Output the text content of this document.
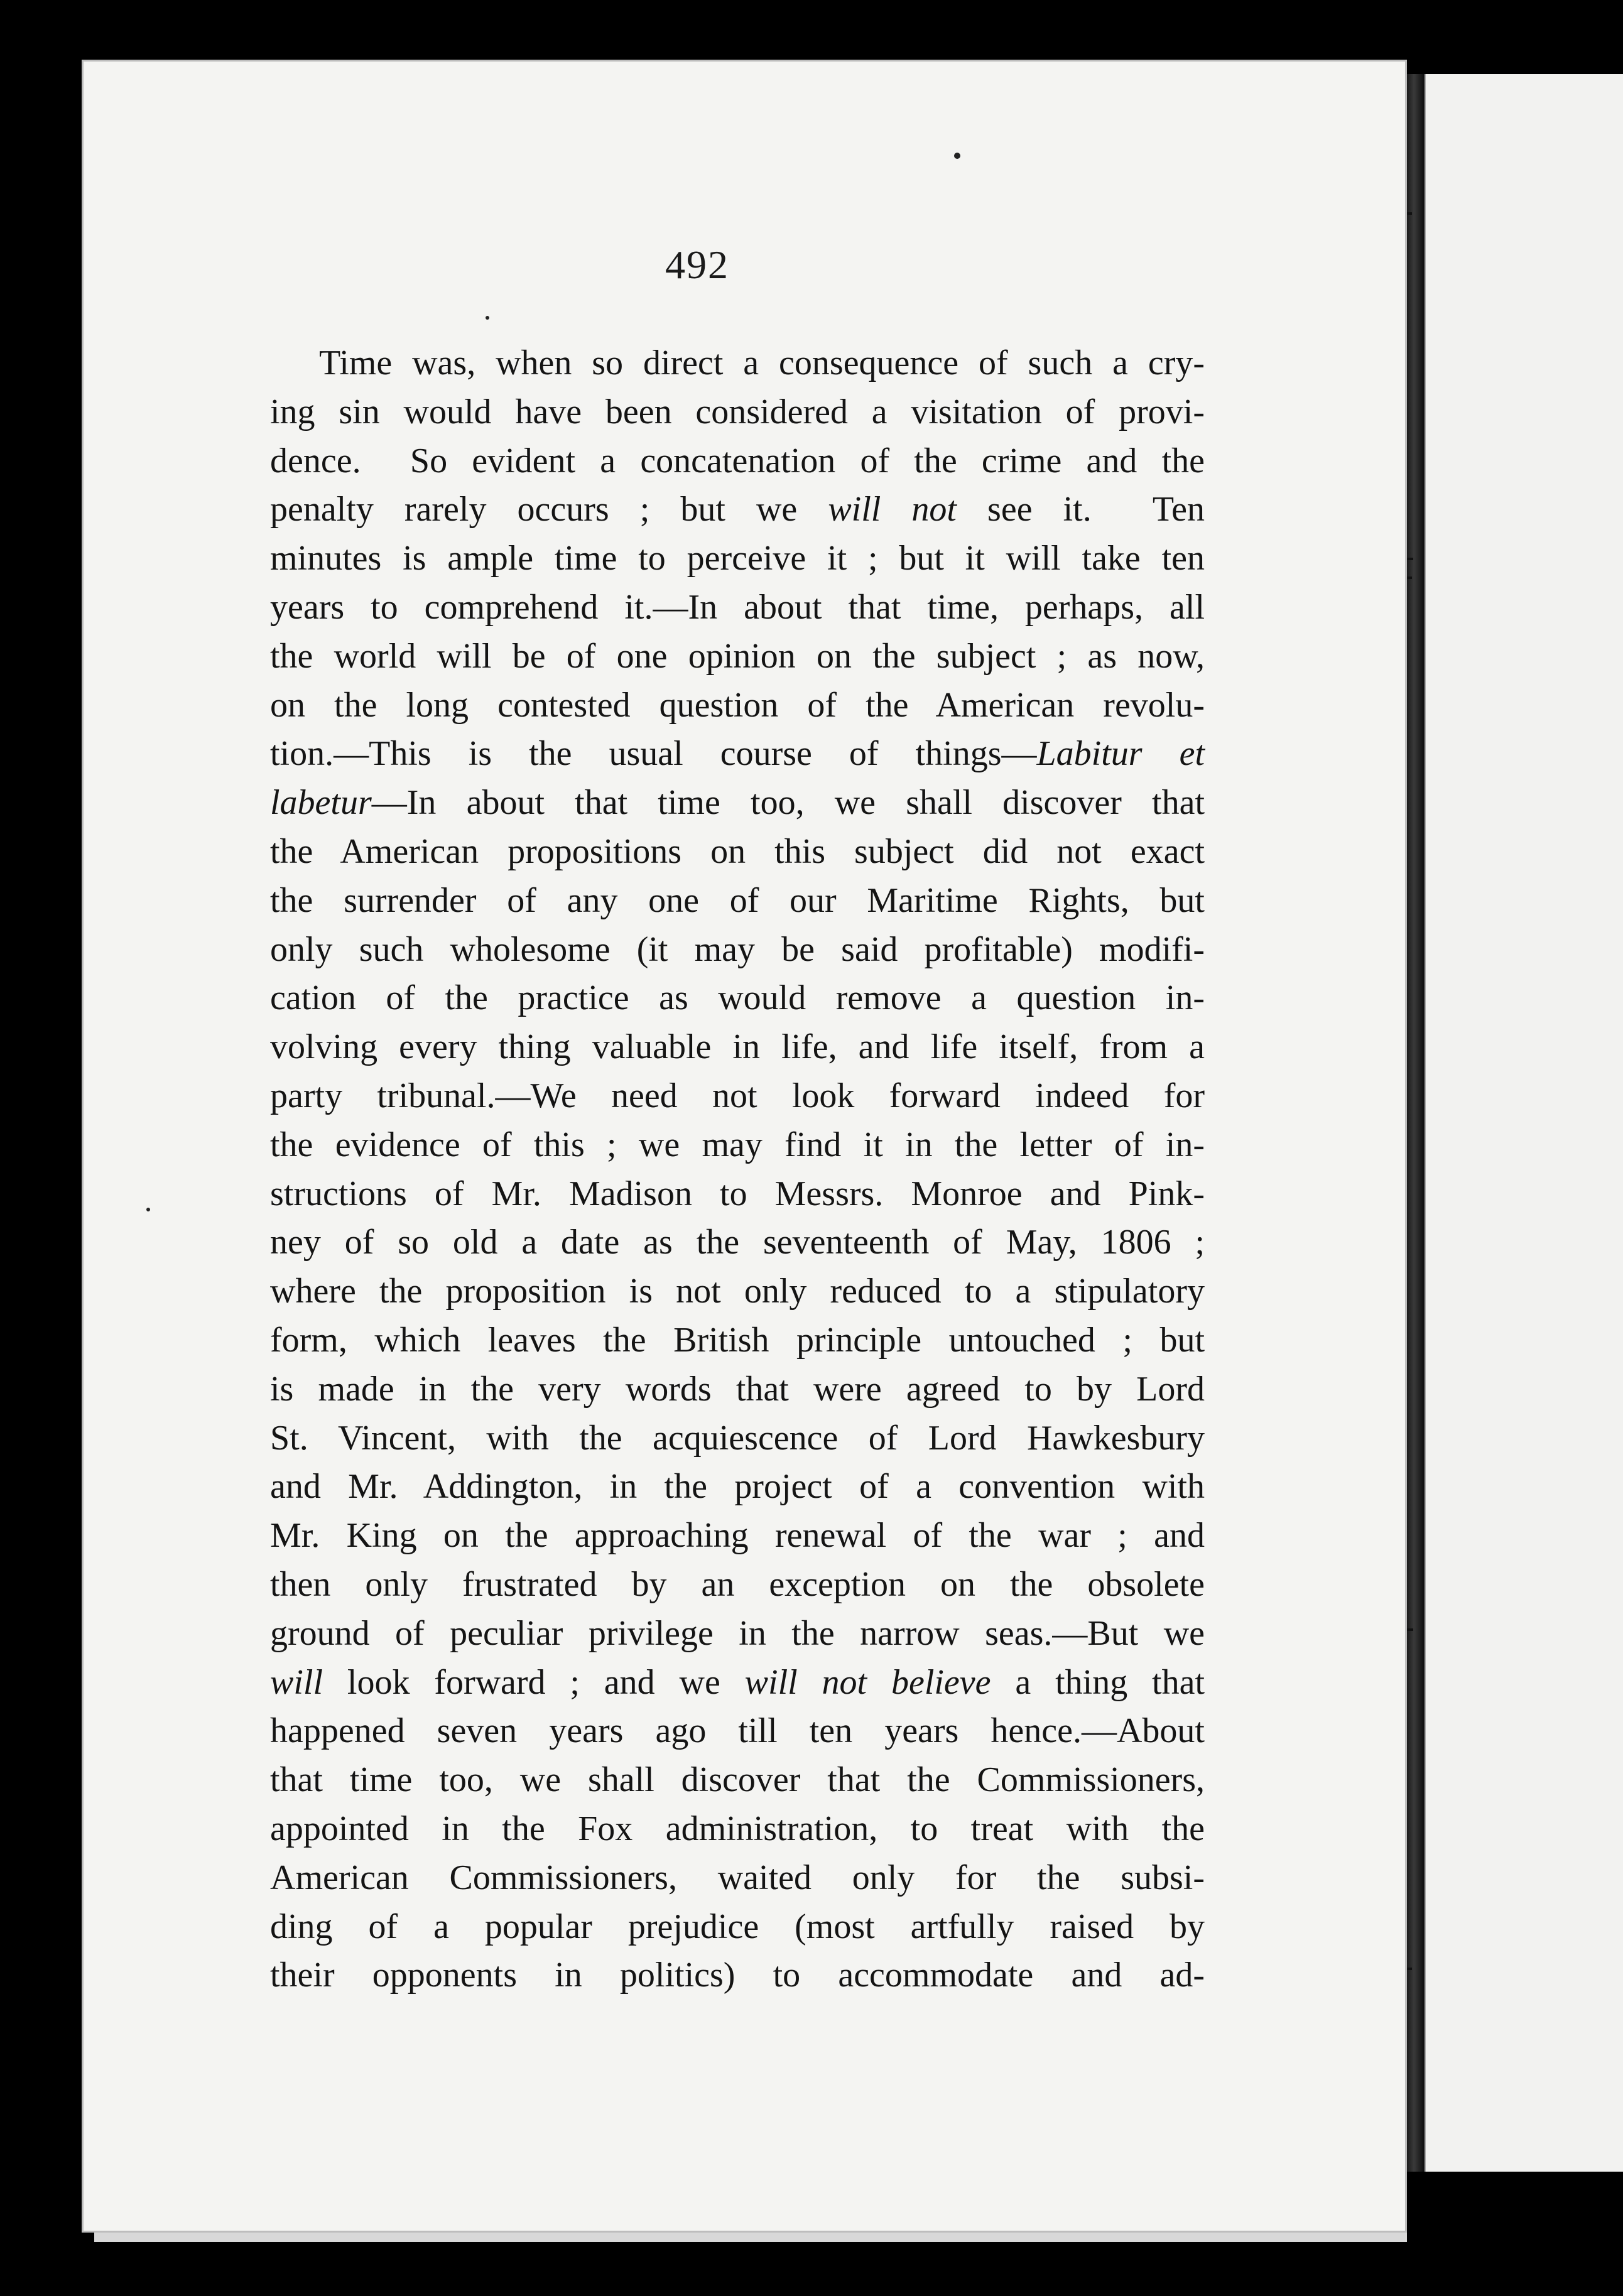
492
Time was, when so direct a consequence of such a cry-
ing sin would have been considered a visitation of provi-
dence.  So evident a concatenation of the crime and the
penalty rarely occurs ; but we will not see it.  Ten
minutes is ample time to perceive it ; but it will take ten
years to comprehend it.—In about that time, perhaps, all
the world will be of one opinion on the subject ; as now,
on the long contested question of the American revolu-
tion.—This is the usual course of things—Labitur et
labetur—In about that time too, we shall discover that
the American propositions on this subject did not exact
the surrender of any one of our Maritime Rights, but
only such wholesome (it may be said profitable) modifi-
cation of the practice as would remove a question in-
volving every thing valuable in life, and life itself, from a
party tribunal.—We need not look forward indeed for
the evidence of this ; we may find it in the letter of in-
structions of Mr. Madison to Messrs. Monroe and Pink-
ney of so old a date as the seventeenth of May, 1806 ;
where the proposition is not only reduced to a stipulatory
form, which leaves the British principle untouched ; but
is made in the very words that were agreed to by Lord
St. Vincent, with the acquiescence of Lord Hawkesbury
and Mr. Addington, in the project of a convention with
Mr. King on the approaching renewal of the war ; and
then only frustrated by an exception on the obsolete
ground of peculiar privilege in the narrow seas.—But we
will look forward ; and we will not believe a thing that
happened seven years ago till ten years hence.—About
that time too, we shall discover that the Commissioners,
appointed in the Fox administration, to treat with the
American Commissioners, waited only for the subsi-
ding of a popular prejudice (most artfully raised by
their opponents in politics) to accommodate and ad-
